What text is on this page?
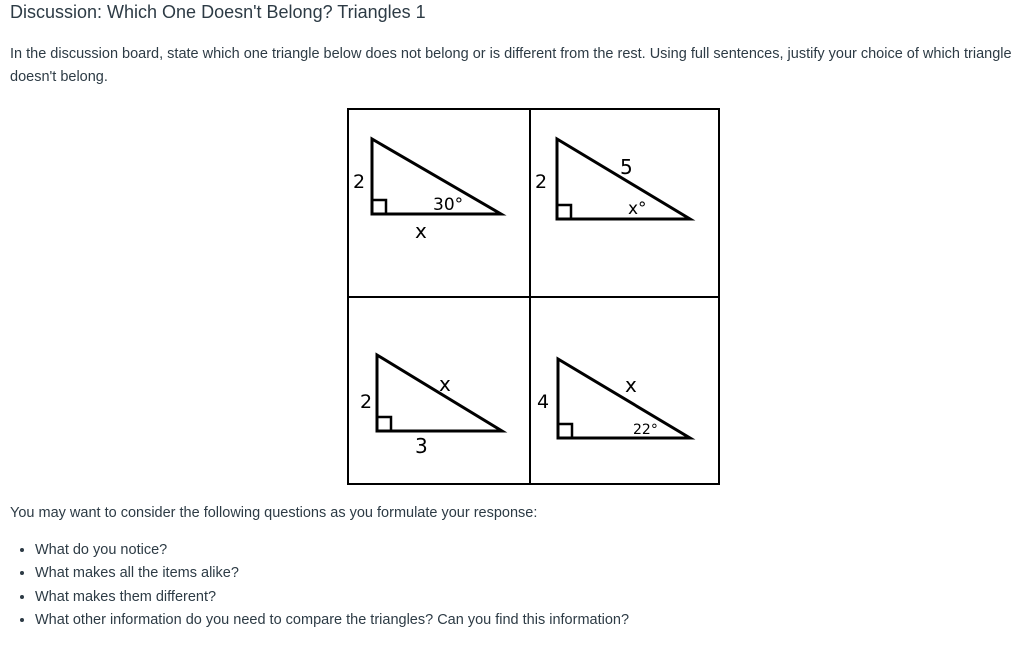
Discussion: Which One Doesn't Belong? Triangles 1

In the discussion board, state which one triangle below does not belong or is different from the rest. Using full sentences, justify your choice of which triangle doesn't belong.

2
x
30°
2
5
x°
2
3
x
4
x
22°

You may want to consider the following questions as you formulate your response:

• What do you notice?
• What makes all the items alike?
• What makes them different?
• What other information do you need to compare the triangles? Can you find this information?
